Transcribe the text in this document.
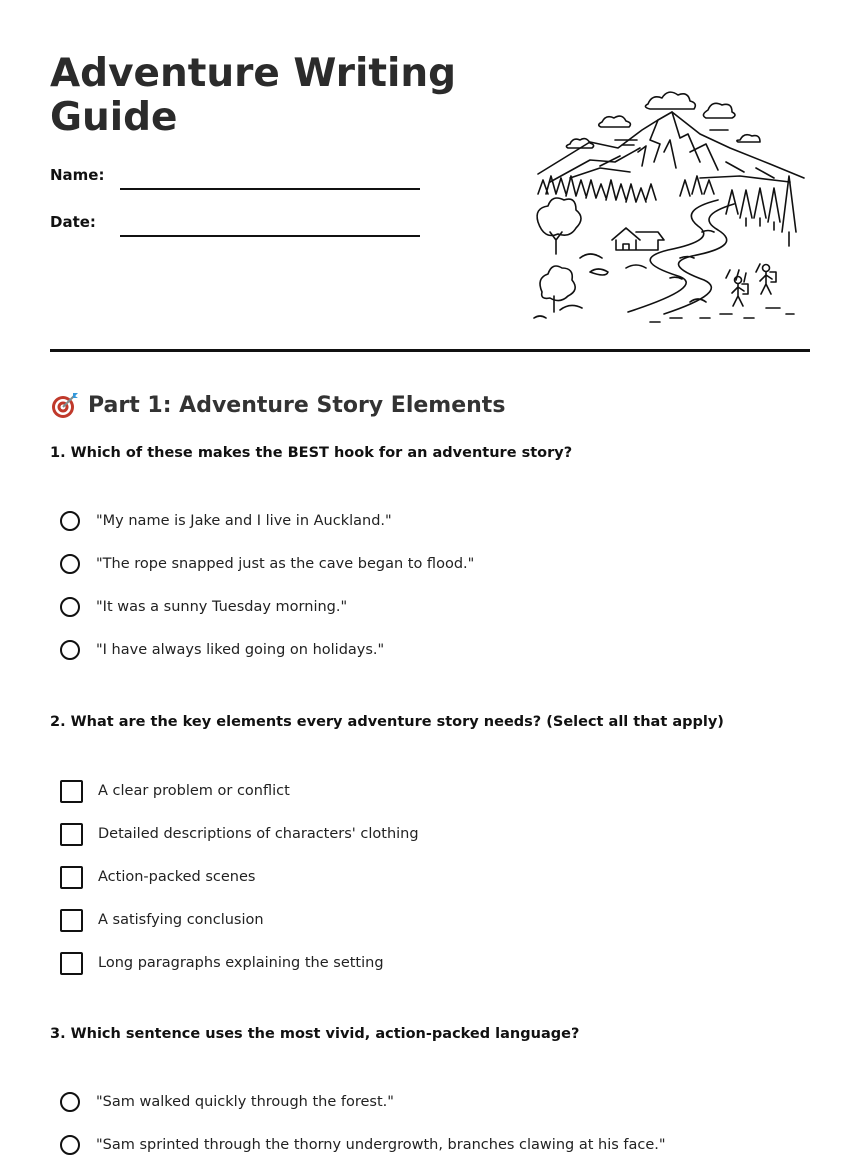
Adventure Writing Guide
Name:
Date:
Part 1: Adventure Story Elements
1. Which of these makes the BEST hook for an adventure story?
"My name is Jake and I live in Auckland."
"The rope snapped just as the cave began to flood."
"It was a sunny Tuesday morning."
"I have always liked going on holidays."
2. What are the key elements every adventure story needs? (Select all that apply)
A clear problem or conflict
Detailed descriptions of characters' clothing
Action-packed scenes
A satisfying conclusion
Long paragraphs explaining the setting
3. Which sentence uses the most vivid, action-packed language?
"Sam walked quickly through the forest."
"Sam sprinted through the thorny undergrowth, branches clawing at his face."
